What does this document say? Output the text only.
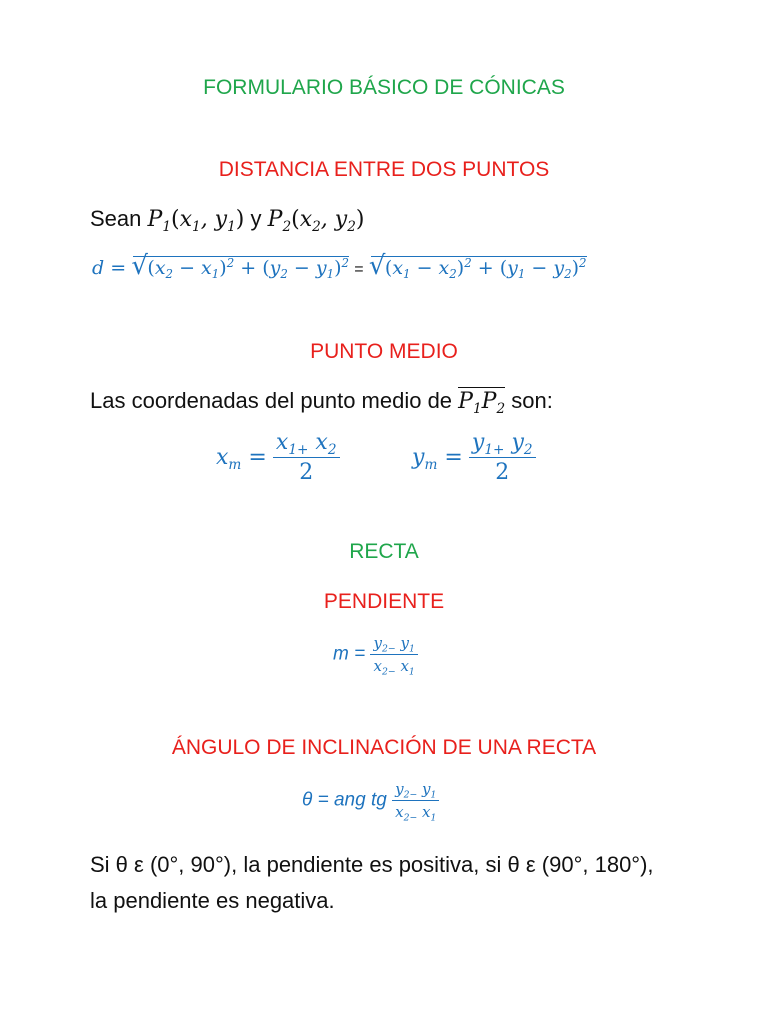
FORMULARIO BÁSICO DE CÓNICAS
DISTANCIA ENTRE DOS PUNTOS
Sean $P_1(x_1$, $y_1$) y $P_2(x_2$, $y_2$)
d = √ $(x_2 - x_1)^2 + (y_2 - y_1)^2$ = √ $(x_1 - x_2)^2 + (y_1 - y_2)^2$
PUNTO MEDIO
Las coordenadas del punto medio de $P_1P_2$ son:
$x_m = \frac{x_{1+} x_2}{2}$	$y_m = \frac{y_{1+} y_2}{2}$
RECTA
PENDIENTE
$m = \frac{y_{2-} y_1}{x_{2-} x_1}$
ÁNGULO DE INCLINACIÓN DE UNA RECTA
θ = ang tg $\frac{y_{2-} y_1}{x_{2-} x_1}$
Si θ ε (0°, 90°), la pendiente es positiva, si θ ε (90°, 180°),
la pendiente es negativa.
